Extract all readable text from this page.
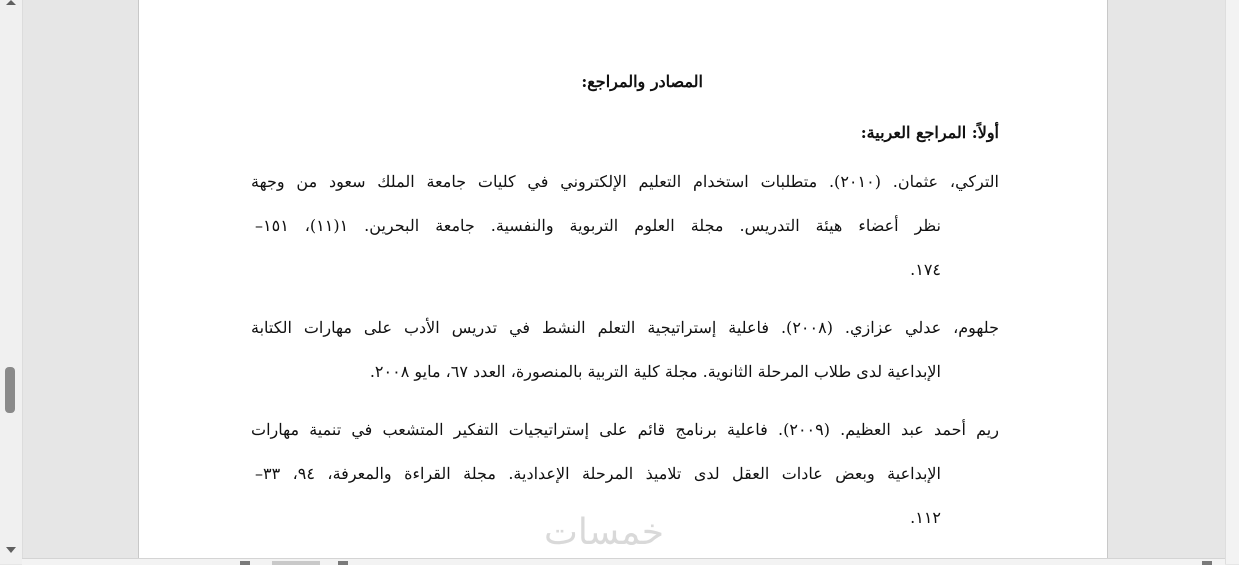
المصادر والمراجع:
أولاً: المراجع العربية:
التركي، عثمان. (٢٠١٠). متطلبات استخدام التعليم الإلكتروني في كليات جامعة الملك سعود من وجهة
نظر أعضاء هيئة التدريس. مجلة العلوم التربوية والنفسية. جامعة البحرين. ١(١١)، ١٥١–
١٧٤.
جلهوم، عدلي عزازي. (٢٠٠٨). فاعلية إستراتيجية التعلم النشط في تدريس الأدب على مهارات الكتابة
الإبداعية لدى طلاب المرحلة الثانوية. مجلة كلية التربية بالمنصورة، العدد ٦٧، مايو ٢٠٠٨.
ريم أحمد عبد العظيم. (٢٠٠٩). فاعلية برنامج قائم على إستراتيجيات التفكير المتشعب في تنمية مهارات
الإبداعية وبعض عادات العقل لدى تلاميذ المرحلة الإعدادية. مجلة القراءة والمعرفة، ٩٤، ٣٣–
١١٢.
خمسات
